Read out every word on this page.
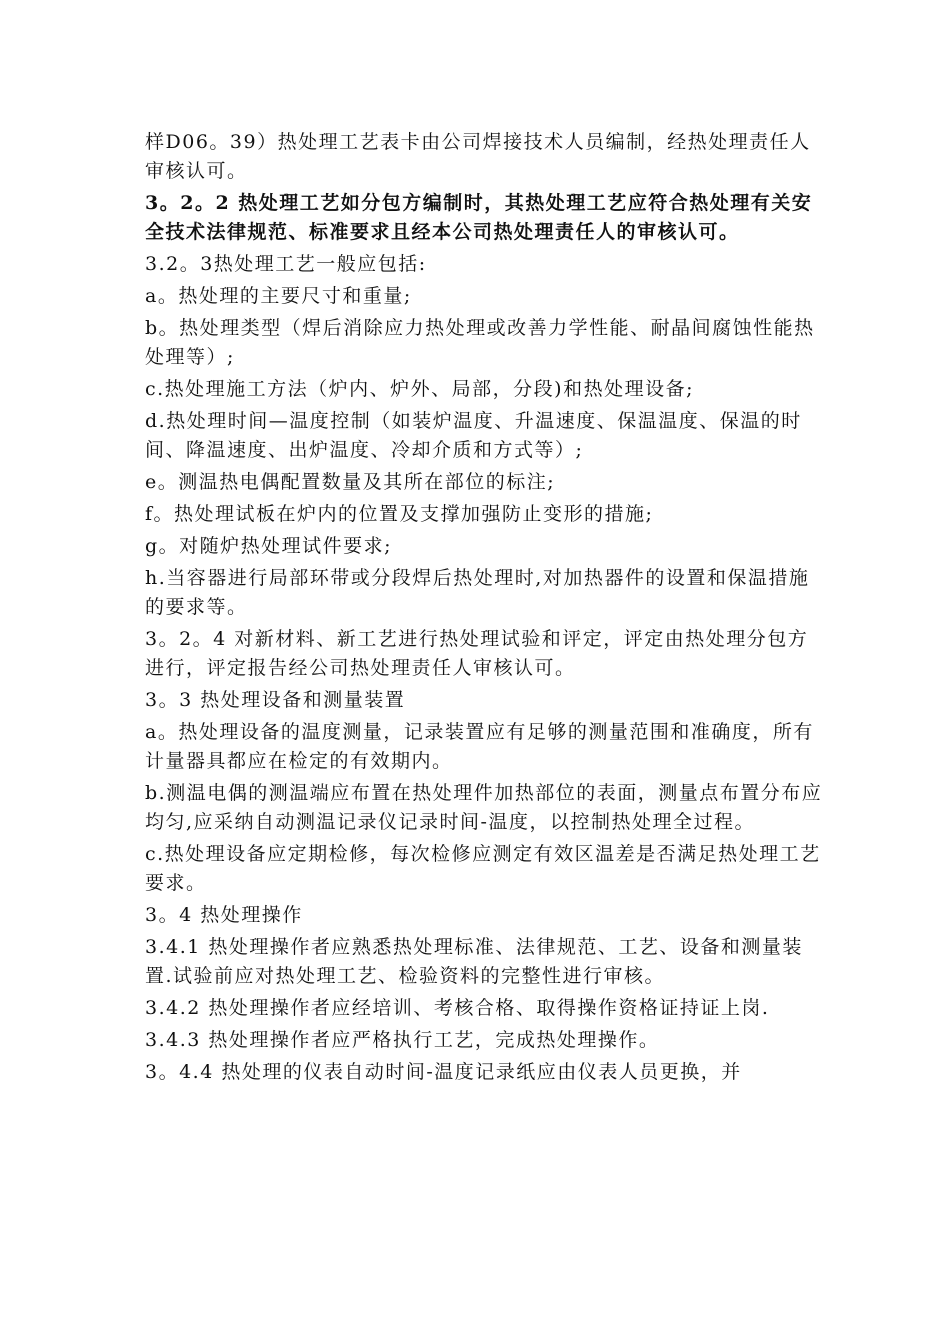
样D06。39）热处理工艺表卡由公司焊接技术人员编制，经热处理责任人审核认可。

3。2。2 热处理工艺如分包方编制时，其热处理工艺应符合热处理有关安全技术法律规范、标准要求且经本公司热处理责任人的审核认可。

3.2。3热处理工艺一般应包括:

a。热处理的主要尺寸和重量;

b。热处理类型（焊后消除应力热处理或改善力学性能、耐晶间腐蚀性能热处理等）;

c.热处理施工方法（炉内、炉外、局部，分段)和热处理设备;

d.热处理时间—温度控制（如装炉温度、升温速度、保温温度、保温的时间、降温速度、出炉温度、冷却介质和方式等）;

e。测温热电偶配置数量及其所在部位的标注;

f。热处理试板在炉内的位置及支撑加强防止变形的措施;

g。对随炉热处理试件要求;

h.当容器进行局部环带或分段焊后热处理时,对加热器件的设置和保温措施的要求等。

3。2。4 对新材料、新工艺进行热处理试验和评定，评定由热处理分包方进行，评定报告经公司热处理责任人审核认可。

3。3 热处理设备和测量装置

a。热处理设备的温度测量，记录装置应有足够的测量范围和准确度，所有计量器具都应在检定的有效期内。

b.测温电偶的测温端应布置在热处理件加热部位的表面，测量点布置分布应均匀,应采纳自动测温记录仪记录时间-温度，以控制热处理全过程。

c.热处理设备应定期检修，每次检修应测定有效区温差是否满足热处理工艺要求。

3。4 热处理操作

3.4.1 热处理操作者应熟悉热处理标准、法律规范、工艺、设备和测量装置.试验前应对热处理工艺、检验资料的完整性进行审核。

3.4.2 热处理操作者应经培训、考核合格、取得操作资格证持证上岗.

3.4.3 热处理操作者应严格执行工艺，完成热处理操作。

3。4.4 热处理的仪表自动时间-温度记录纸应由仪表人员更换，并
